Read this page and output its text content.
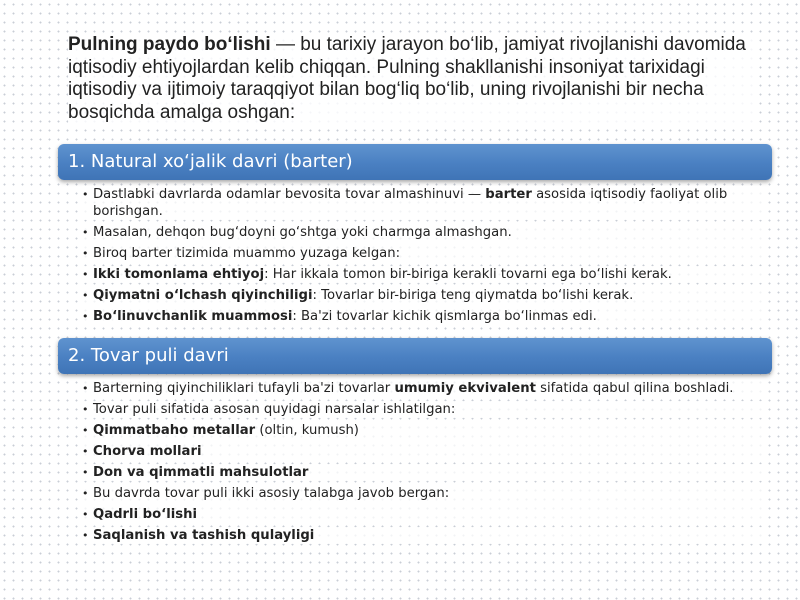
Pulning paydo bo‘lishi — bu tarixiy jarayon bo‘lib, jamiyat rivojlanishi davomida iqtisodiy ehtiyojlardan kelib chiqqan. Pulning shakllanishi insoniyat tarixidagi iqtisodiy va ijtimoiy taraqqiyot bilan bog‘liq bo‘lib, uning rivojlanishi bir necha bosqichda amalga oshgan:
1. Natural xo‘jalik davri (barter)
• Dastlabki davrlarda odamlar bevosita tovar almashinuvi — barter asosida iqtisodiy faoliyat olib borishgan.
• Masalan, dehqon bug‘doyni go‘shtga yoki charmga almashgan.
• Biroq barter tizimida muammo yuzaga kelgan:
• Ikki tomonlama ehtiyoj: Har ikkala tomon bir-biriga kerakli tovarni ega bo‘lishi kerak.
• Qiymatni o‘lchash qiyinchiligi: Tovarlar bir-biriga teng qiymatda bo‘lishi kerak.
• Bo‘linuvchanlik muammosi: Ba'zi tovarlar kichik qismlarga bo‘linmas edi.
2. Tovar puli davri
• Barterning qiyinchiliklari tufayli ba'zi tovarlar umumiy ekvivalent sifatida qabul qilina boshladi.
• Tovar puli sifatida asosan quyidagi narsalar ishlatilgan:
• Qimmatbaho metallar (oltin, kumush)
• Chorva mollari
• Don va qimmatli mahsulotlar
• Bu davrda tovar puli ikki asosiy talabga javob bergan:
• Qadrli bo‘lishi
• Saqlanish va tashish qulayligi
